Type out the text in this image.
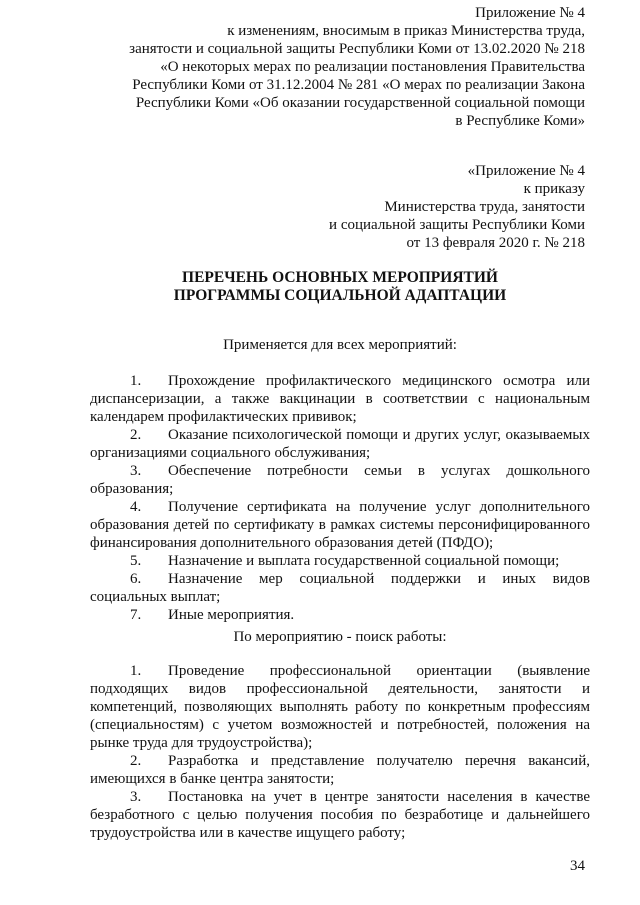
Приложение № 4
к изменениям, вносимым в приказ Министерства труда,
занятости и социальной защиты Республики Коми от 13.02.2020 № 218
«О некоторых мерах по реализации постановления Правительства
Республики Коми от 31.12.2004 № 281 «О мерах по реализации Закона
Республики Коми «Об оказании государственной социальной помощи
в Республике Коми»
«Приложение № 4
к приказу
Министерства труда, занятости
и социальной защиты Республики Коми
от 13 февраля 2020 г. № 218
ПЕРЕЧЕНЬ ОСНОВНЫХ МЕРОПРИЯТИЙ
ПРОГРАММЫ СОЦИАЛЬНОЙ АДАПТАЦИИ
Применяется для всех мероприятий:

1. Прохождение профилактического медицинского осмотра или диспансеризации, а также вакцинации в соответствии с национальным календарем профилактических прививок;

2. Оказание психологической помощи и других услуг, оказываемых организациями социального обслуживания;

3. Обеспечение потребности семьи в услугах дошкольного образования;

4. Получение сертификата на получение услуг дополнительного образования детей по сертификату в рамках системы персонифицированного финансирования дополнительного образования детей (ПФДО);

5. Назначение и выплата государственной социальной помощи;

6. Назначение мер социальной поддержки и иных видов социальных выплат;

7. Иные мероприятия.

По мероприятию - поиск работы:

1. Проведение профессиональной ориентации (выявление подходящих видов профессиональной деятельности, занятости и компетенций, позволяющих выполнять работу по конкретным профессиям (специальностям) с учетом возможностей и потребностей, положения на рынке труда для трудоустройства);

2. Разработка и представление получателю перечня вакансий, имеющихся в банке центра занятости;

3. Постановка на учет в центре занятости населения в качестве безработного с целью получения пособия по безработице и дальнейшего трудоустройства или в качестве ищущего работу;

34
